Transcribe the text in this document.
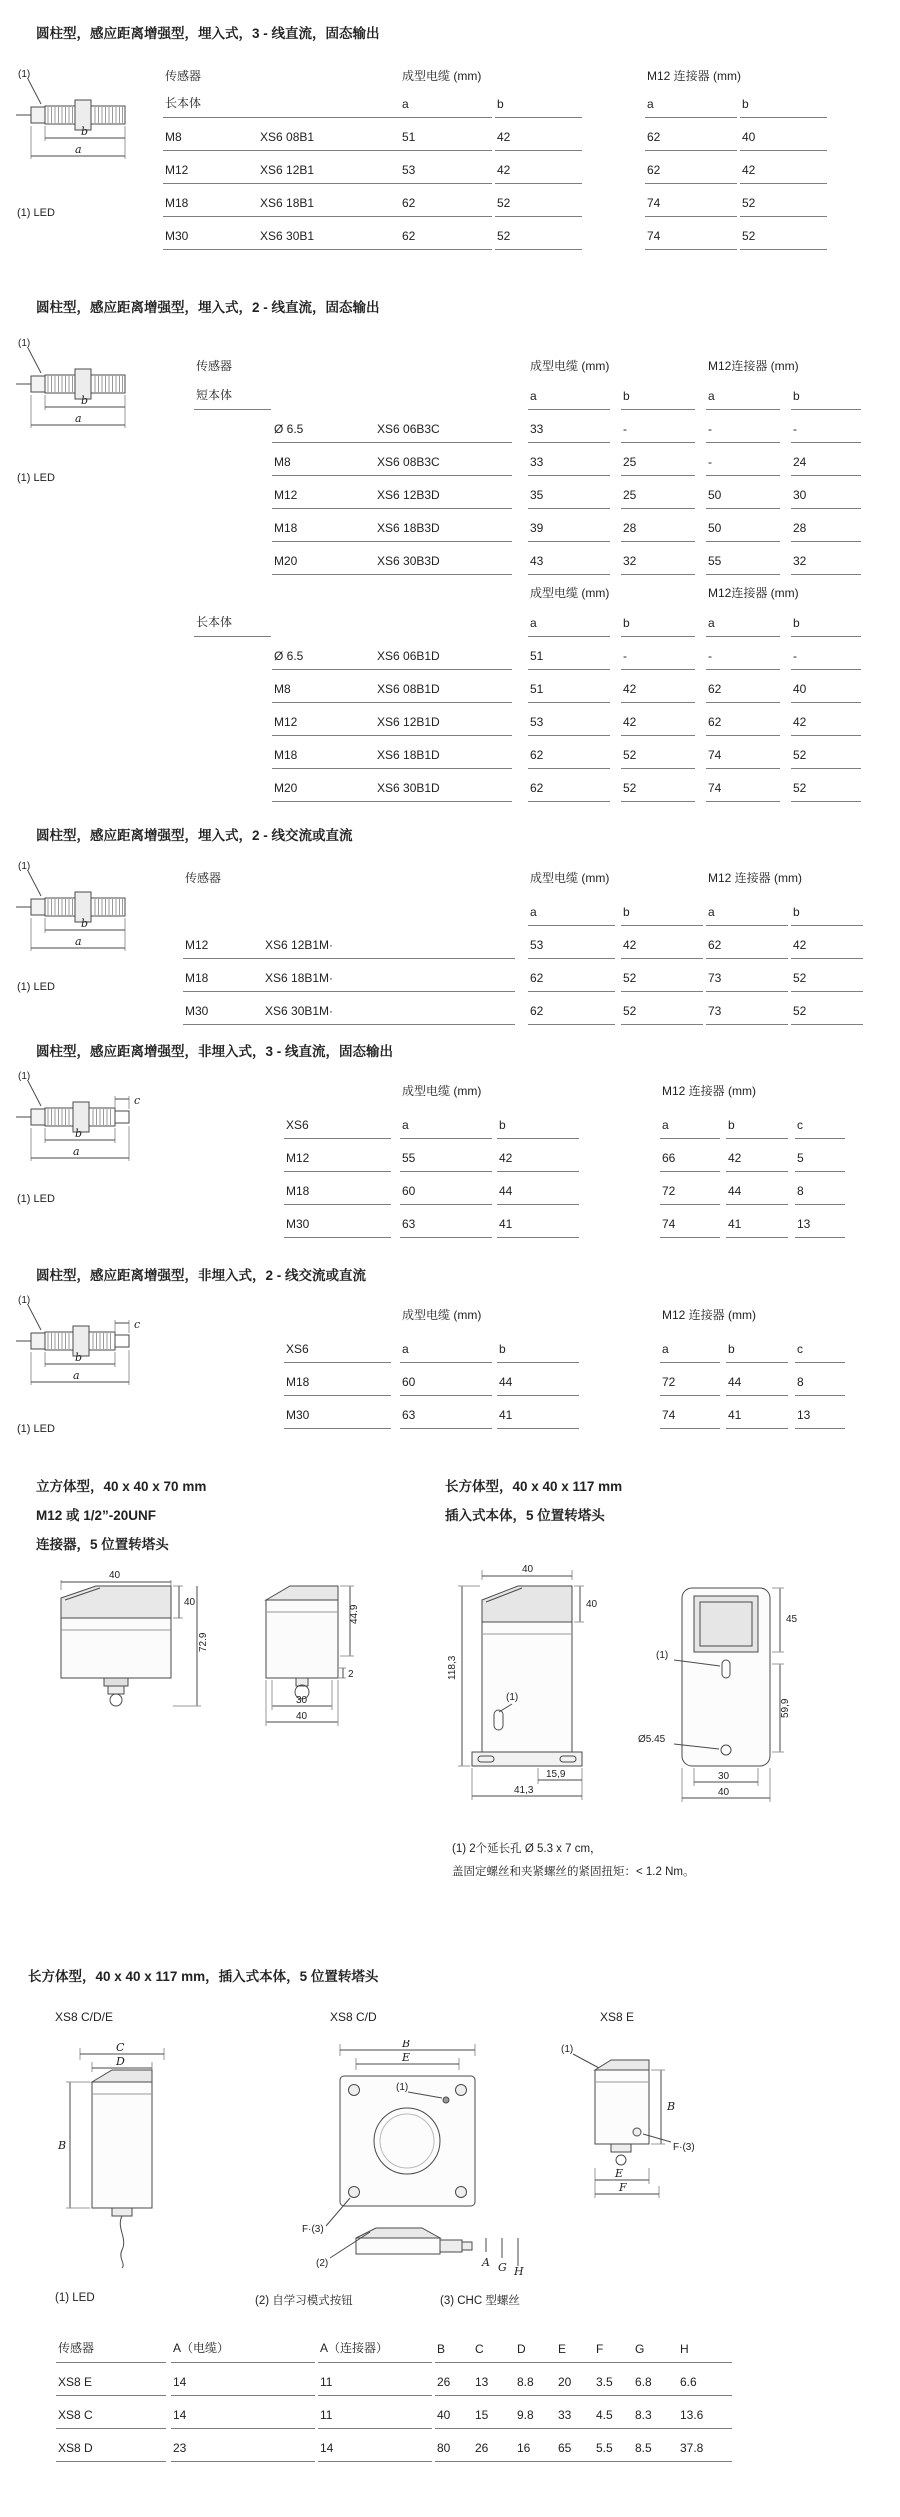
圆柱型，感应距离增强型，埋入式，3 - 线直流，固态输出
(1)
b
a
(1) LED
传感器	成型电缆 (mm)	M12 连接器 (mm)
长本体	a	b	a	b
M8	XS6 08B1	51	42	62	40
M12	XS6 12B1	53	42	62	42
M18	XS6 18B1	62	52	74	52
M30	XS6 30B1	62	52	74	52
圆柱型，感应距离增强型，埋入式，2 - 线直流，固态输出
(1)
b
a
(1) LED
传感器	成型电缆 (mm)	M12连接器 (mm)
短本体	a	b	a	b
Ø 6.5	XS6 06B3C	33	-	-	-
M8	XS6 08B3C	33	25	-	24
M12	XS6 12B3D	35	25	50	30
M18	XS6 18B3D	39	28	50	28
M20	XS6 30B3D	43	32	55	32
成型电缆 (mm)	M12连接器 (mm)
长本体	a	b	a	b
Ø 6.5	XS6 06B1D	51	-	-	-
M8	XS6 08B1D	51	42	62	40
M12	XS6 12B1D	53	42	62	42
M18	XS6 18B1D	62	52	74	52
M20	XS6 30B1D	62	52	74	52
圆柱型，感应距离增强型，埋入式，2 - 线交流或直流
(1)
b
a
(1) LED
传感器	成型电缆 (mm)	M12 连接器 (mm)
a	b	a	b
M12	XS6 12B1M·	53	42	62	42
M18	XS6 18B1M·	62	52	73	52
M30	XS6 30B1M·	62	52	73	52
圆柱型，感应距离增强型，非埋入式，3 - 线直流，固态输出
(1)
c
b
a
(1) LED
成型电缆 (mm)	M12 连接器 (mm)
XS6	a	b	a	b	c
M12	55	42	66	42	5
M18	60	44	72	44	8
M30	63	41	74	41	13
圆柱型，感应距离增强型，非埋入式，2 - 线交流或直流
(1)
c
b
a
(1) LED
成型电缆 (mm)	M12 连接器 (mm)
XS6	a	b	a	b	c
M18	60	44	72	44	8
M30	63	41	74	41	13
立方体型，40 x 40 x 70 mm
M12 或 1/2”-20UNF
连接器，5 位置转塔头
长方体型，40 x 40 x 117 mm
插入式本体，5 位置转塔头
40
40
72.9
44.9
2
30
40
40
40
118,3
(1)
15,9
41,3
(1)
Ø5.45
45
59,9
30
40
(1) 2个延长孔 Ø 5.3 x 7 cm，
盖固定螺丝和夹紧螺丝的紧固扭矩：< 1.2 Nm。
长方体型，40 x 40 x 117 mm，插入式本体，5 位置转塔头
XS8 C/D/E	XS8 C/D	XS8 E
C
D
B
B
E
(1)
F·(3)
(2)	A G H
(1)
B
F·(3)
E
F
(1) LED	(2) 自学习模式按钮	(3) CHC 型螺丝
传感器	A（电缆）	A（连接器）	B	C	D	E	F	G	H
XS8 E	14	11	26	13	8.8	20	3.5	6.8	6.6
XS8 C	14	11	40	15	9.8	33	4.5	8.3	13.6
XS8 D	23	14	80	26	16	65	5.5	8.5	37.8
